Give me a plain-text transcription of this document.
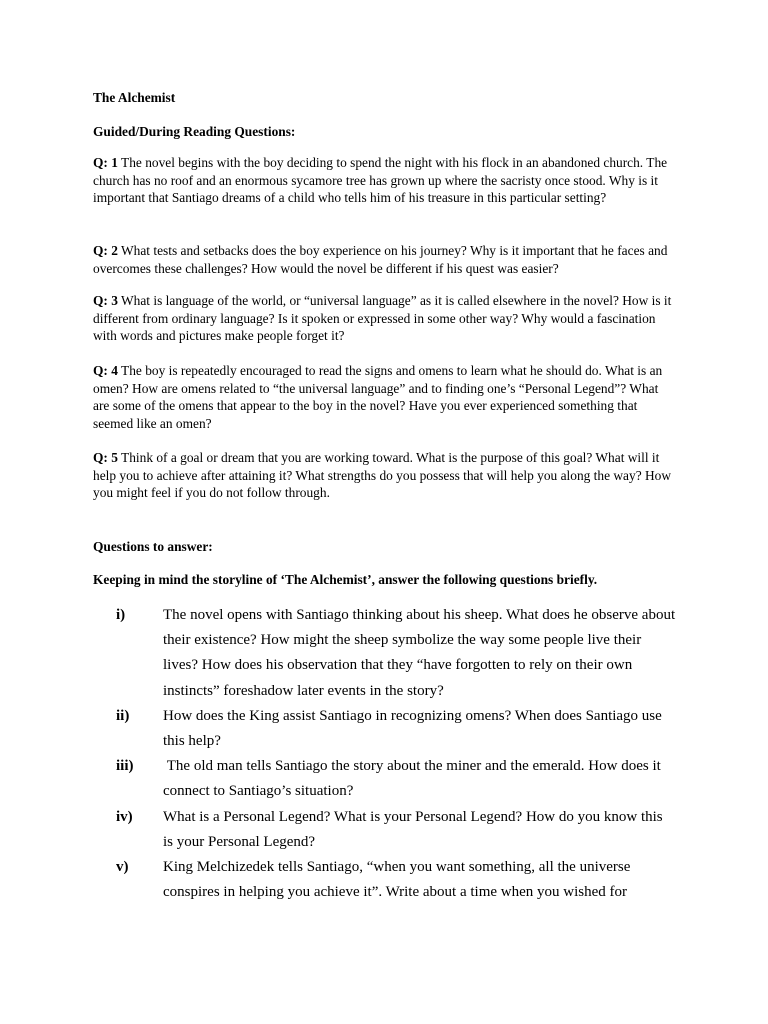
The Alchemist

Guided/During Reading Questions:

Q: 1 The novel begins with the boy deciding to spend the night with his flock in an abandoned church. The church has no roof and an enormous sycamore tree has grown up where the sacristy once stood. Why is it important that Santiago dreams of a child who tells him of his treasure in this particular setting?

Q: 2 What tests and setbacks does the boy experience on his journey? Why is it important that he faces and overcomes these challenges? How would the novel be different if his quest was easier?

Q: 3 What is language of the world, or “universal language” as it is called elsewhere in the novel? How is it different from ordinary language? Is it spoken or expressed in some other way? Why would a fascination with words and pictures make people forget it?

Q: 4 The boy is repeatedly encouraged to read the signs and omens to learn what he should do. What is an omen? How are omens related to “the universal language” and to finding one’s “Personal Legend”? What are some of the omens that appear to the boy in the novel? Have you ever experienced something that seemed like an omen?

Q: 5 Think of a goal or dream that you are working toward. What is the purpose of this goal? What will it help you to achieve after attaining it? What strengths do you possess that will help you along the way? How you might feel if you do not follow through.

Questions to answer:

Keeping in mind the storyline of ‘The Alchemist’, answer the following questions briefly.

i)	The novel opens with Santiago thinking about his sheep. What does he observe about their existence? How might the sheep symbolize the way some people live their lives? How does his observation that they “have forgotten to rely on their own instincts” foreshadow later events in the story?
ii)	How does the King assist Santiago in recognizing omens? When does Santiago use this help?
iii)	The old man tells Santiago the story about the miner and the emerald. How does it connect to Santiago’s situation?
iv)	What is a Personal Legend? What is your Personal Legend? How do you know this is your Personal Legend?
v)	King Melchizedek tells Santiago, “when you want something, all the universe conspires in helping you achieve it”. Write about a time when you wished for
